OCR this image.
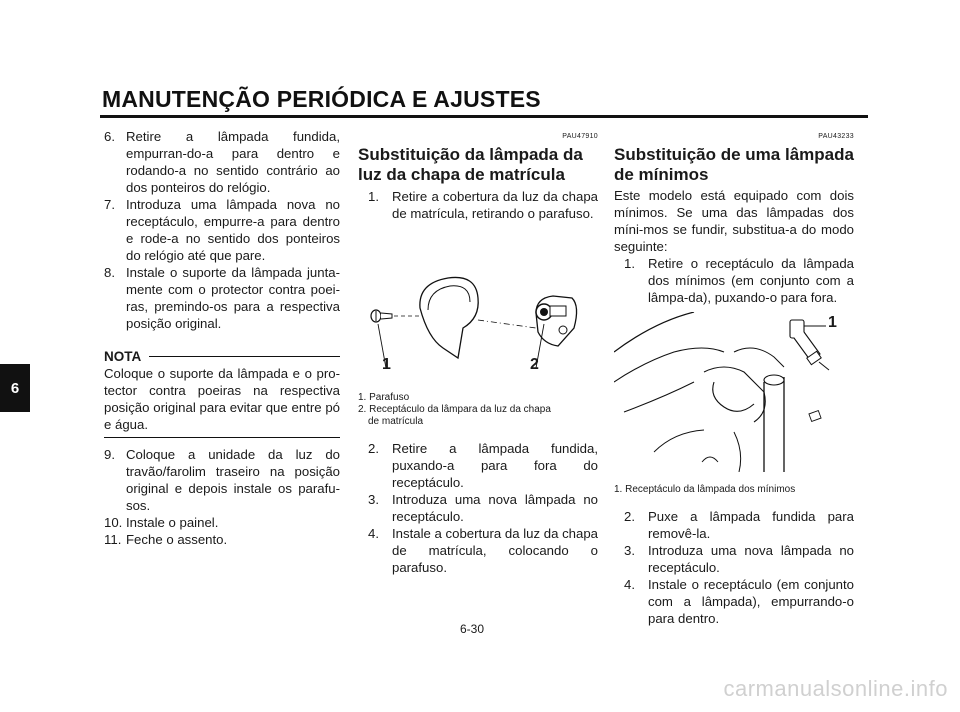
MANUTENÇÃO PERIÓDICA E AJUSTES
6
6. Retire a lâmpada fundida, empurran-do-a para dentro e rodando-a no sentido contrário ao dos ponteiros do relógio.
7. Introduza uma lâmpada nova no receptáculo, empurre-a para dentro e rode-a no sentido dos ponteiros do relógio até que pare.
8. Instale o suporte da lâmpada junta-mente com o protector contra poei-ras, premindo-os para a respectiva posição original.
NOTA
Coloque o suporte da lâmpada e o pro-tector contra poeiras na respectiva posição original para evitar que entre pó e água.
9. Coloque a unidade da luz do travão/farolim traseiro na posição original e depois instale os parafu-sos.
10. Instale o painel.
11. Feche o assento.
PAU47910
Substituição da lâmpada da luz da chapa de matrícula
1. Retire a cobertura da luz da chapa de matrícula, retirando o parafuso.
1	2
1. Parafuso
2. Receptáculo da lâmpara da luz da chapa
de matrícula
2. Retire a lâmpada fundida, puxando-a para fora do receptáculo.
3. Introduza uma nova lâmpada no receptáculo.
4. Instale a cobertura da luz da chapa de matrícula, colocando o parafuso.
PAU43233
Substituição de uma lâmpada de mínimos
Este modelo está equipado com dois mínimos. Se uma das lâmpadas dos míni-mos se fundir, substitua-a do modo seguinte:
1. Retire o receptáculo da lâmpada dos mínimos (em conjunto com a lâmpa-da), puxando-o para fora.
1
1. Receptáculo da lâmpada dos mínimos
2. Puxe a lâmpada fundida para removê-la.
3. Introduza uma nova lâmpada no receptáculo.
4. Instale o receptáculo (em conjunto com a lâmpada), empurrando-o para dentro.
6-30
carmanualsonline.info
